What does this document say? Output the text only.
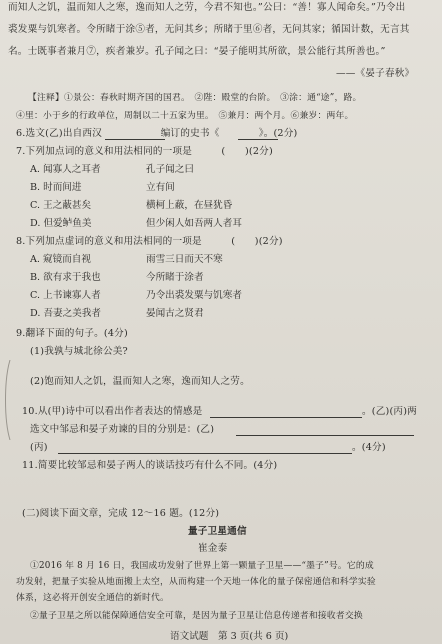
而知人之饥，温而知人之寒，逸而知人之劳，今君不知也。”公曰：“善！寡人闻命矣。”乃令出
裘发粟与饥寒者。令所睹于涂⑤者，无问其乡；所睹于里⑥者，无问其家；循国计数，无言其
名。士既事者兼月⑦，疾者兼岁。孔子闻之曰：“晏子能明其所欲，景公能行其所善也。”
——《晏子春秋》
【注释】①景公：春秋时期齐国的国君。　②陛：殿堂的台阶。　③涂：通“途”，路。
④里：小于乡的行政单位，周制以二十五家为里。　⑤兼月：两个月。⑥兼岁：两年。
6.选文(乙)出自西汉　　　　　　编订的史书《　　　　》。(2分)
7.下列加点词的意义和用法相同的一项是　　　(　　)(2分)
A. 闻寡人之耳者	孔子闻之曰
B. 时而间进	立有间
C. 王之蔽甚矣	横柯上蔽，在昼犹昏
D. 但爱鲈鱼美	但少闲人如吾两人者耳
8.下列加点虚词的意义和用法相同的一项是　　　(　　)(2分)
A. 窥镜而自视	雨雪三日而天不寒
B. 欲有求于我也	今所睹于涂者
C. 上书谏寡人者	乃令出裘发粟与饥寒者
D. 吾妻之美我者	晏闻古之贤君
9.翻译下面的句子。(4分)
(1)我孰与城北徐公美?
(2)饱而知人之饥，温而知人之寒，逸而知人之劳。
10.从(甲)诗中可以看出作者表达的情感是	。(乙)(丙)两
选文中邹忌和晏子劝谏的目的分别是：(乙)
(丙)	。(4分)
11.简要比较邹忌和晏子两人的谈话技巧有什么不同。(4分)
(二)阅读下面文章，完成 12～16 题。(12分)
量子卫星通信
崔金泰
①2016 年 8 月 16 日，我国成功发射了世界上第一颗量子卫星——“墨子”号。它的成
功发射，把量子实验从地面搬上太空，从而构建一个天地一体化的量子保密通信和科学实验
体系，这必将开创安全通信的新时代。
②量子卫星之所以能保障通信安全可靠，是因为量子卫星让信息传递者和接收者交换
语文试题　第 3 页(共 6 页)
